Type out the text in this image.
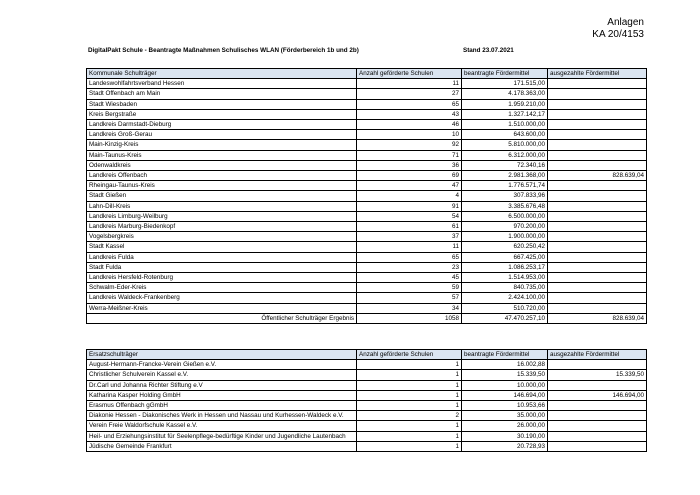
Anlagen
KA 20/4153
DigitalPakt Schule - Beantragte Maßnahmen Schulisches WLAN (Förderbereich 1b und 2b)	Stand 23.07.2021
Kommunale Schulträger	Anzahl geförderte Schulen	beantragte Fördermittel	ausgezahlte Fördermittel
Landeswohlfahrtsverband Hessen	11	171.515,00	
Stadt Offenbach am Main	27	4.178.363,00	
Stadt Wiesbaden	65	1.959.210,00	
Kreis Bergstraße	43	1.327.142,17	
Landkreis Darmstadt-Dieburg	46	1.510.000,00	
Landkreis Groß-Gerau	10	643.600,00	
Main-Kinzig-Kreis	92	5.810.000,00	
Main-Taunus-Kreis	71	6.312.000,00	
Odenwaldkreis	36	72.340,16	
Landkreis Offenbach	69	2.981.368,00	828.639,04
Rheingau-Taunus-Kreis	47	1.776.571,74	
Stadt Gießen	4	307.833,96	
Lahn-Dill-Kreis	91	3.385.676,48	
Landkreis Limburg-Weilburg	54	6.500.000,00	
Landkreis Marburg-Biedenkopf	61	970.200,00	
Vogelsbergkreis	37	1.900.000,00	
Stadt Kassel	11	620.250,42	
Landkreis Fulda	65	667.425,00	
Stadt Fulda	23	1.086.253,17	
Landkreis Hersfeld-Rotenburg	45	1.514.953,00	
Schwalm-Eder-Kreis	59	840.735,00	
Landkreis Waldeck-Frankenberg	57	2.424.100,00	
Werra-Meißner-Kreis	34	510.720,00	
Öffentlicher Schulträger Ergebnis	1058	47.470.257,10	828.639,04
Ersatzschulträger	Anzahl geförderte Schulen	beantragte Fördermittel	ausgezahlte Fördermittel
August-Hermann-Francke-Verein Gießen e.V.	1	16.002,88	
Christlicher Schulverein Kassel e.V.	1	15.339,50	15.339,50
Dr.Carl und Johanna Richter Stiftung e.V	1	10.000,00	
Katharina Kasper Holding GmbH	1	146.694,00	146.694,00
Erasmus Offenbach gGmbH	1	10.953,66	
Diakonie Hessen - Diakonisches Werk in Hessen und Nassau und Kurhessen-Waldeck e.V.	2	35.000,00	
Verein Freie Waldorfschule Kassel e.V.	1	26.000,00	
Heil- und Erziehungsinstitut für Seelenpflege-bedürftige Kinder und Jugendliche Lautenbach	1	30.190,00	
Jüdische Gemeinde Frankfurt	1	20.728,93	
